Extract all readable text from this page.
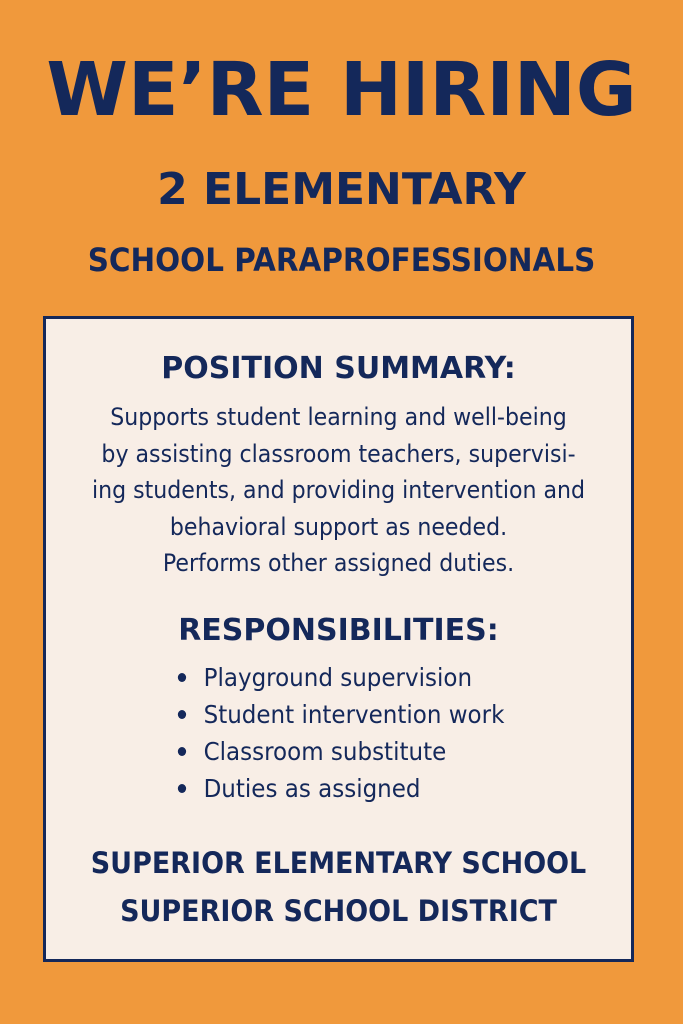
WE’RE HIRING
2 ELEMENTARY
SCHOOL PARAPROFESSIONALS
POSITION SUMMARY:
Supports student learning and well-being
by assisting classroom teachers, supervisi-
ing students, and providing intervention and
behavioral support as needed.
Performs other assigned duties.
RESPONSIBILITIES:
Playground supervision
Student intervention work
Classroom substitute
Duties as assigned
SUPERIOR ELEMENTARY SCHOOL
SUPERIOR SCHOOL DISTRICT
